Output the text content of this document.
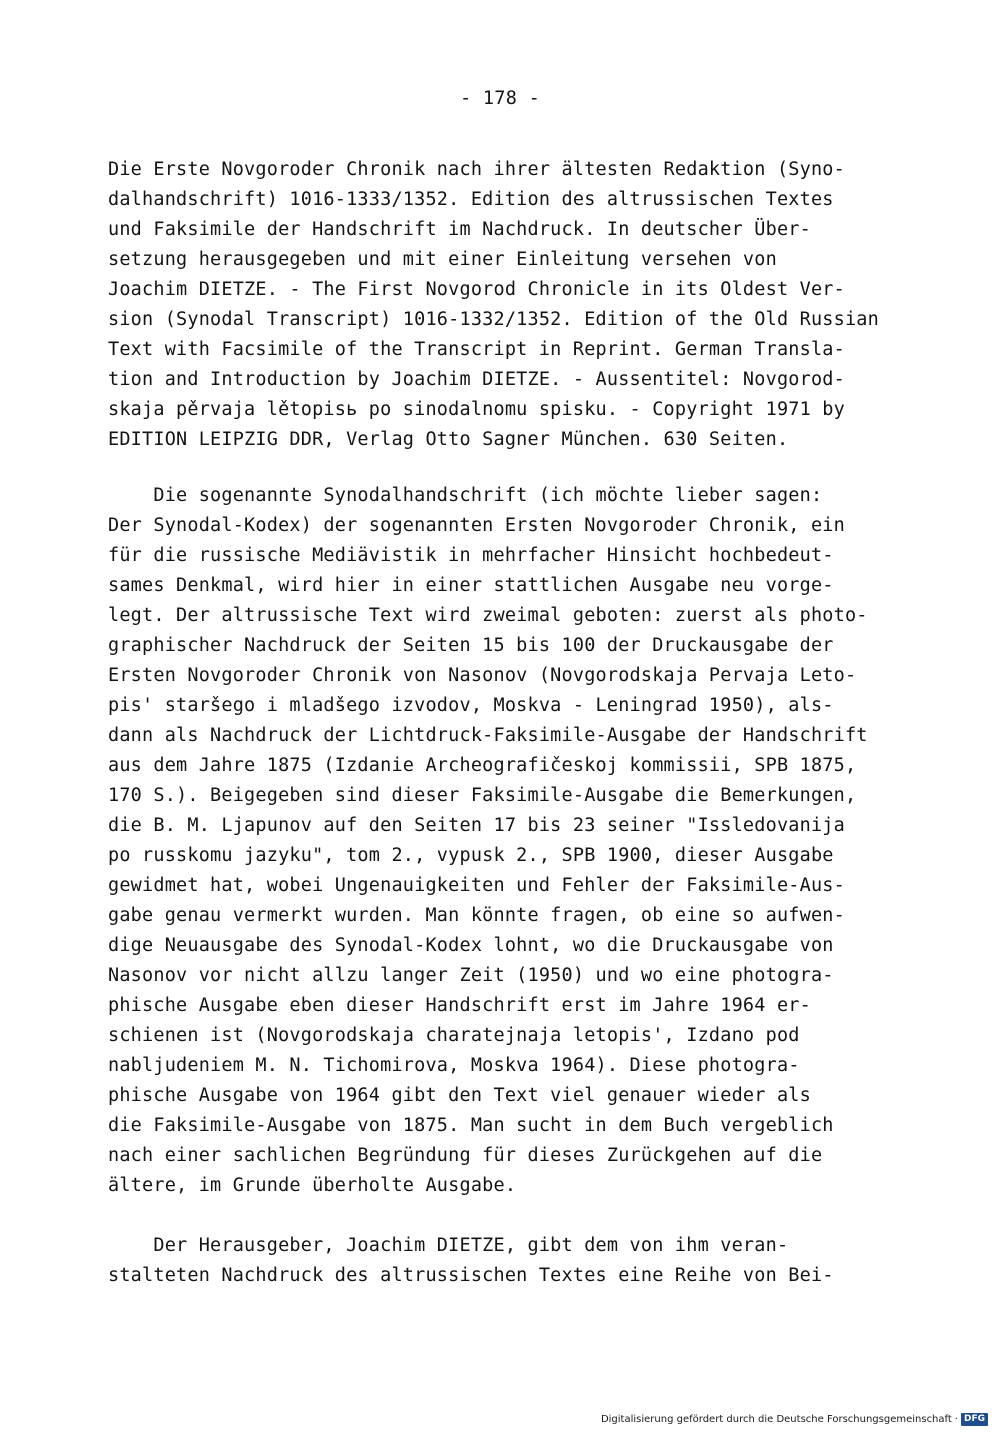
- 178 -
Die Erste Novgoroder Chronik nach ihrer ältesten Redaktion (Syno-
dalhandschrift) 1016-1333/1352. Edition des altrussischen Textes
und Faksimile der Handschrift im Nachdruck. In deutscher Über-
setzung herausgegeben und mit einer Einleitung versehen von
Joachim DIETZE. - The First Novgorod Chronicle in its Oldest Ver-
sion (Synodal Transcript) 1016-1332/1352. Edition of the Old Russian
Text with Facsimile of the Transcript in Reprint. German Transla-
tion and Introduction by Joachim DIETZE. - Aussentitel: Novgorod-
skaja pěrvaja lětopisь po sinodalnomu spisku. - Copyright 1971 by
EDITION LEIPZIG DDR, Verlag Otto Sagner München. 630 Seiten.
Die sogenannte Synodalhandschrift (ich möchte lieber sagen:
Der Synodal-Kodex) der sogenannten Ersten Novgoroder Chronik, ein
für die russische Mediävistik in mehrfacher Hinsicht hochbedeut-
sames Denkmal, wird hier in einer stattlichen Ausgabe neu vorge-
legt. Der altrussische Text wird zweimal geboten: zuerst als photo-
graphischer Nachdruck der Seiten 15 bis 100 der Druckausgabe der
Ersten Novgoroder Chronik von Nasonov (Novgorodskaja Pervaja Leto-
pis' staršego i mladšego izvodov, Moskva - Leningrad 1950), als-
dann als Nachdruck der Lichtdruck-Faksimile-Ausgabe der Handschrift
aus dem Jahre 1875 (Izdanie Archeografičeskoj kommissii, SPB 1875,
170 S.). Beigegeben sind dieser Faksimile-Ausgabe die Bemerkungen,
die B. M. Ljapunov auf den Seiten 17 bis 23 seiner "Issledovanija
po russkomu jazyku", tom 2., vypusk 2., SPB 1900, dieser Ausgabe
gewidmet hat, wobei Ungenauigkeiten und Fehler der Faksimile-Aus-
gabe genau vermerkt wurden. Man könnte fragen, ob eine so aufwen-
dige Neuausgabe des Synodal-Kodex lohnt, wo die Druckausgabe von
Nasonov vor nicht allzu langer Zeit (1950) und wo eine photogra-
phische Ausgabe eben dieser Handschrift erst im Jahre 1964 er-
schienen ist (Novgorodskaja charatejnaja letopis', Izdano pod
nabljudeniem M. N. Tichomirova, Moskva 1964). Diese photogra-
phische Ausgabe von 1964 gibt den Text viel genauer wieder als
die Faksimile-Ausgabe von 1875. Man sucht in dem Buch vergeblich
nach einer sachlichen Begründung für dieses Zurückgehen auf die
ältere, im Grunde überholte Ausgabe.
Der Herausgeber, Joachim DIETZE, gibt dem von ihm veran-
stalteten Nachdruck des altrussischen Textes eine Reihe von Bei-
Digitalisierung gefördert durch die Deutsche Forschungsgemeinschaft · DFG
